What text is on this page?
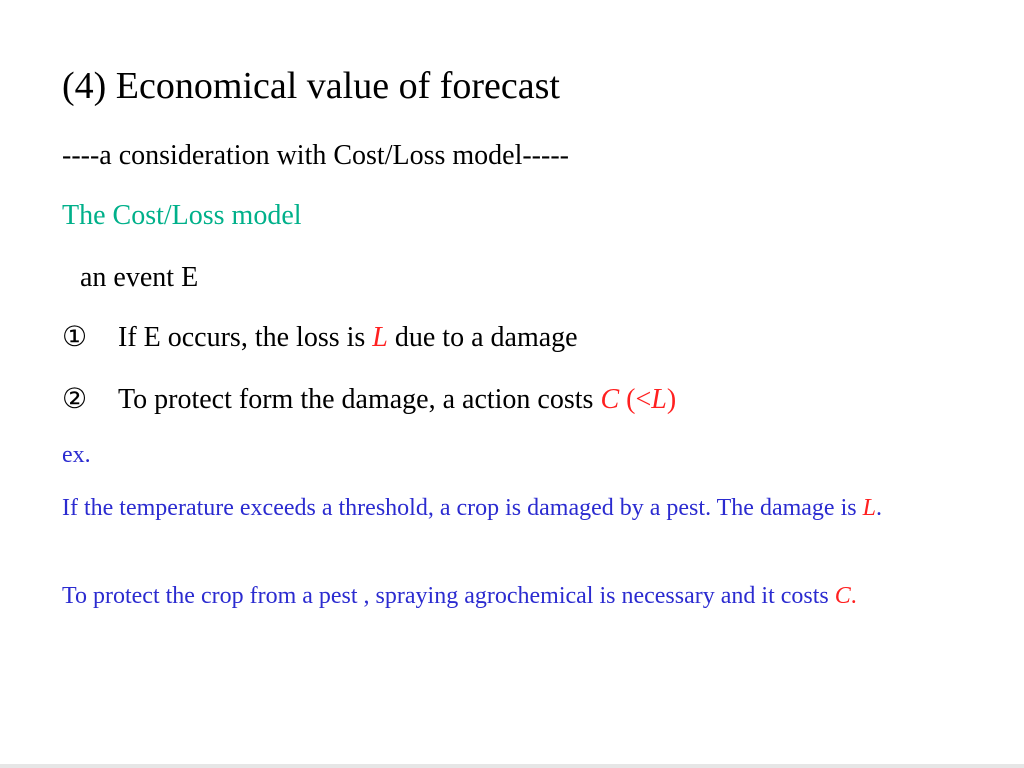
(4) Economical value of forecast
----a consideration with Cost/Loss model-----
The Cost/Loss model
an event E
① If E occurs, the loss is L due to a damage
② To protect form the damage, a action costs C (<L)
ex.
If the temperature exceeds a threshold, a crop is damaged by a pest. The damage is L.
To protect the crop from a pest , spraying agrochemical is necessary and it costs C.
